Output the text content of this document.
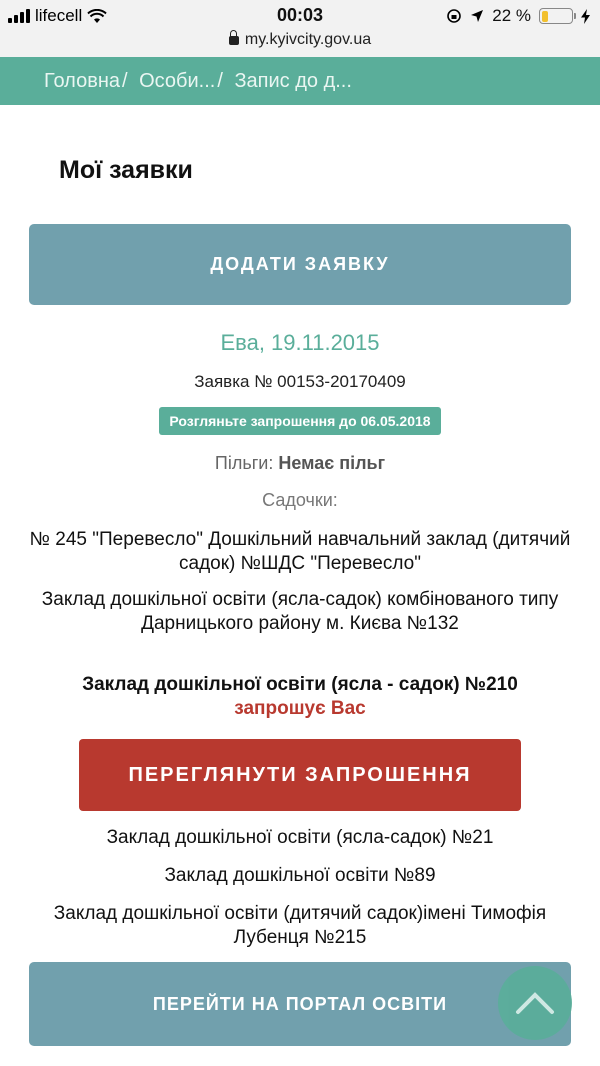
lifecell	00:03	22 %
my.kyivcity.gov.ua
Головна / Особи... / Запис до д...
Мої заявки
ДОДАТИ ЗАЯВКУ
Ева, 19.11.2015
Заявка № 00153-20170409
Розгляньте запрошення до 06.05.2018
Пільги: Немає пільг
Садочки:
№ 245 "Перевесло" Дошкільний навчальний заклад (дитячий садок) №ШДС "Перевесло"
Заклад дошкільної освіти (ясла-садок) комбінованого типу Дарницького району м. Києва №132
Заклад дошкільної освіти (ясла - садок) №210
запрошує Вас
ПЕРЕГЛЯНУТИ ЗАПРОШЕННЯ
Заклад дошкільної освіти (ясла-садок) №21
Заклад дошкільної освіти №89
Заклад дошкільної освіти (дитячий садок)імені Тимофія Лубенця №215
ПЕРЕЙТИ НА ПОРТАЛ ОСВІТИ
